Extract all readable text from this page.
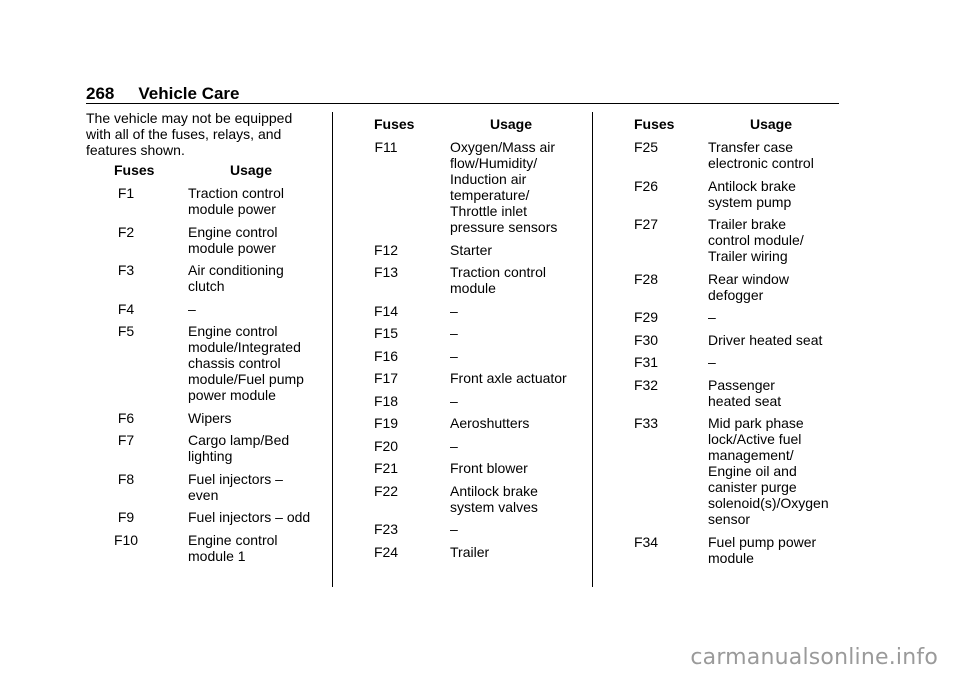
268 Vehicle Care
The vehicle may not be equipped with all of the fuses, relays, and features shown.
Fuses	Usage
F1	Traction control
module power
F2	Engine control
module power
F3	Air conditioning
clutch
F4	–
F5	Engine control
module/Integrated
chassis control
module/Fuel pump
power module
F6	Wipers
F7	Cargo lamp/Bed
lighting
F8	Fuel injectors –
even
F9	Fuel injectors – odd
F10	Engine control
module 1
Fuses	Usage
F11	Oxygen/Mass air
flow/Humidity/
Induction air
temperature/
Throttle inlet
pressure sensors
F12	Starter
F13	Traction control
module
F14	–
F15	–
F16	–
F17	Front axle actuator
F18	–
F19	Aeroshutters
F20	–
F21	Front blower
F22	Antilock brake
system valves
F23	–
F24	Trailer
Fuses	Usage
F25	Transfer case
electronic control
F26	Antilock brake
system pump
F27	Trailer brake
control module/
Trailer wiring
F28	Rear window
defogger
F29	–
F30	Driver heated seat
F31	–
F32	Passenger
heated seat
F33	Mid park phase
lock/Active fuel
management/
Engine oil and
canister purge
solenoid(s)/Oxygen
sensor
F34	Fuel pump power
module
carmanualsonline.info
